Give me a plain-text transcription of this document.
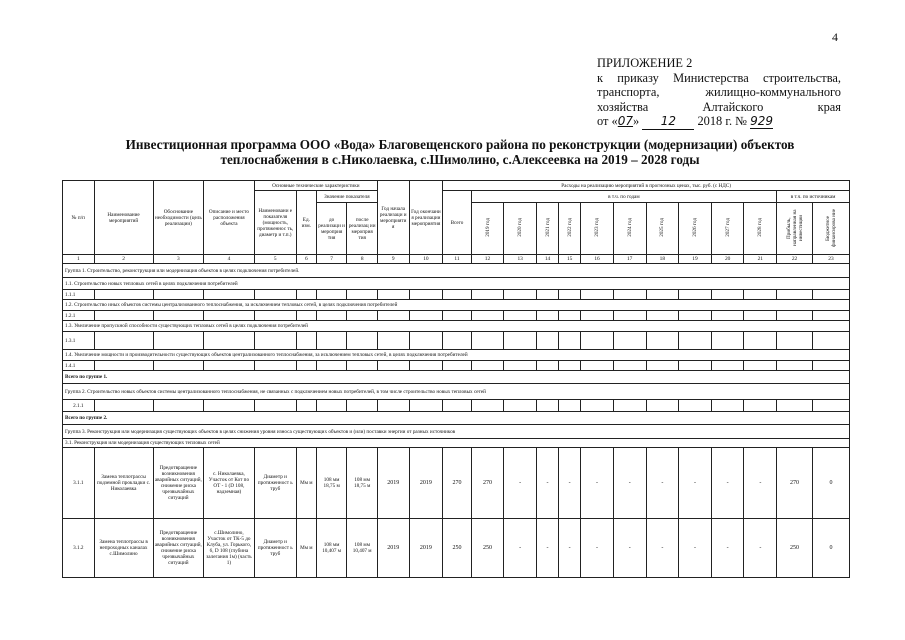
4
ПРИЛОЖЕНИЕ 2
к приказу Министерства строительства,
транспорта, жилищно-коммунального
хозяйства Алтайского края
от «07» 12 2018 г. № 929
Инвестиционная программа ООО «Вода» Благовещенского района по реконструкции (модернизации) объектов
теплоснабжения в с.Николаевка, с.Шимолино, с.Алексеевка на 2019 – 2028 годы
№ п/п	Наименование мероприятий	Обоснование необходимости (цель реализации)	Описание и место расположения объекта	Основные технические характеристики				Год начала реализаци и мероприятия	Год окончани я реализации мероприятия	Расходы на реализацию мероприятий в прогнозных ценах, тыс. руб. (с НДС)												
				Наименовани е показателя (мощность, протяженнос ть, диаметр и т.п.)	Ед. изм.	Значение показателя				Всего	в т.ч. по годам										в т.ч. по источникам	
						до реализаци и мероприя тия	после реализац ии мероприя тия				2019 год	2020 год	2021 год	2022 год	2023 год	2024 год	2025 год	2026 год	2027 год	2028 год	Прибыль, направленная на инвестиции	Бюджетное финансирова ние

1	2	3	4	5	6	7	8	9	10	11	12	13	14	15	16	17	18	19	20	21	22	23
Группа 1. Строительство, реконструкция или модернизация объектов в целях подключения потребителей.																						
1.1. Строительство новых тепловых сетей в целях подключения потребителей																						
1.1.1																						
1.2. Строительство иных объектов системы централизованного теплоснабжения, за исключением тепловых сетей, в целях подключения потребителей																						
1.2.1																						
1.3. Увеличение пропускной способности существующих тепловых сетей в целях подключения потребителей																						
1.3.1																						
1.4. Увеличение мощности и производительности существующих объектов централизованного теплоснабжения, за исключением тепловых сетей, в целях подключения потребителей																						
1.4.1																						
Всего по группе 1.																						
Группа 2. Строительство новых объектов системы централизованного теплоснабжения, не связанных с подключением новых потребителей, в том числе строительство новых тепловых сетей																						
2.1.1																						
Всего по группе 2.																						
Группа 3. Реконструкция или модернизация существующих объектов в целях снижения уровня износа существующих объектов и (или) поставки энергии от разных источников																						
3.1. Реконструкция или модернизация существующих тепловых сетей																						
3.1.1	Замена теплотрассы подземной прокладки с. Николаевка	Предотвращение возникновения аварийных ситуаций, снижение риска чрезвычайных ситуаций	с. Николаевка, Участок от Кот по ОТ - 1 (D 108, надземная)	Диаметр и протяженност ь труб	Мм м	108 мм 18,75 м	108 мм 18,75 м	2019	2019	270	270	-	-	-	-	-	-	-	-	-	270	0
3.1.2	Замена теплотрассы в непроходных каналах с.Шимолино	Предотвращение возникновения аварийных ситуаций, снижение риска чрезвычайных ситуаций	с.Шимолино, Участок от ТК-5 до Клуба, ул. Горького, 6, D 108 (глубина залегания 1м) (часть 1)	Диаметр и протяженност ь труб	Мм м	108 мм 10,407 м	108 мм 10,407 м	2019	2019	250	250	-	-	-	-	-	-	-	-	-	250	0
